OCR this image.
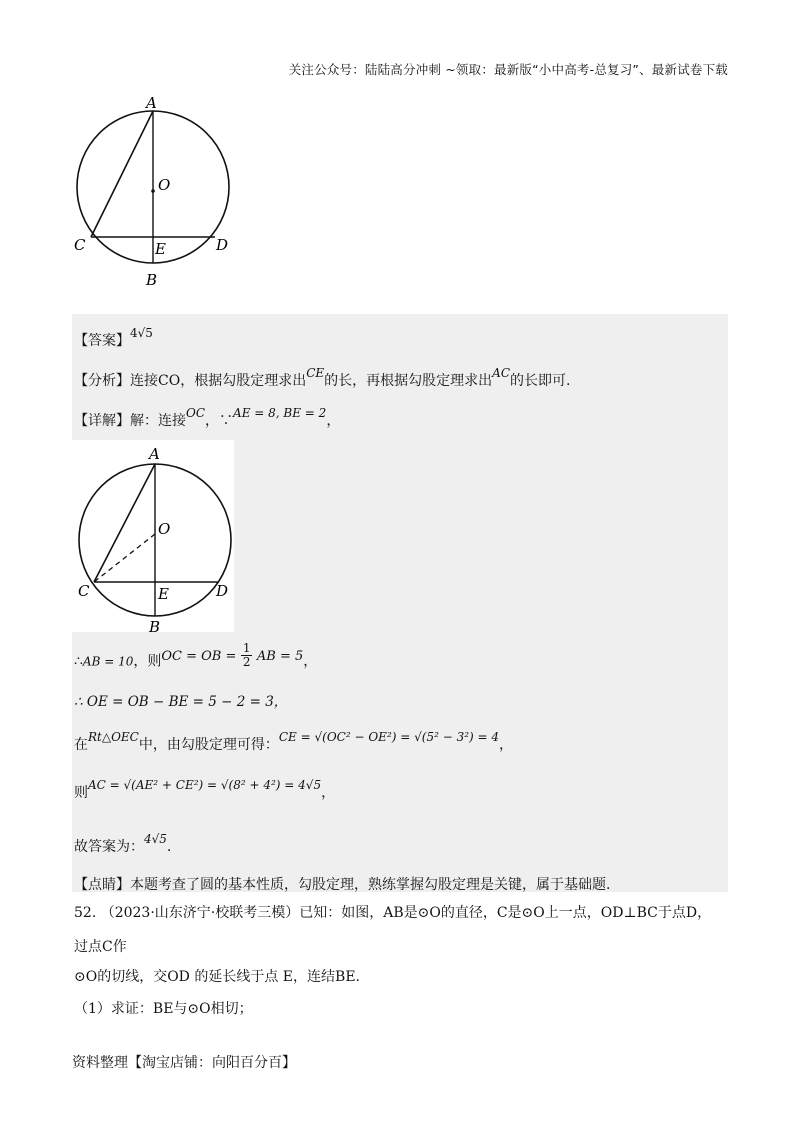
关注公众号：陆陆高分冲刺 ~领取：最新版“小中高考-总复习”、最新试卷下载
A
O
C	E	D
B
【答案】4√5
【分析】连接CO，根据勾股定理求出CE的长，再根据勾股定理求出AC的长即可.
【详解】解：连接OC，∵AE = 8, BE = 2，
A
O
C	E	D
B
∴AB = 10，则OC = OB = $\frac{1}{2}$ AB = 5，
∴ OE = OB − BE = 5 − 2 = 3，
在Rt△OEC中，由勾股定理可得：CE = √(OC² − OE²) = √(5² − 3²) = 4，
则AC = √(AE² + CE²) = √(8² + 4²) = 4√5，
故答案为：4√5.
【点睛】本题考查了圆的基本性质，勾股定理，熟练掌握勾股定理是关键，属于基础题.
52. （2023·山东济宁·校联考三模）已知：如图，AB是⊙O的直径，C是⊙O上一点，OD⊥BC于点D，
过点C作
⊙O的切线，交OD 的延长线于点 E，连结BE.
（1）求证：BE与⊙O相切；
资料整理【淘宝店铺：向阳百分百】
